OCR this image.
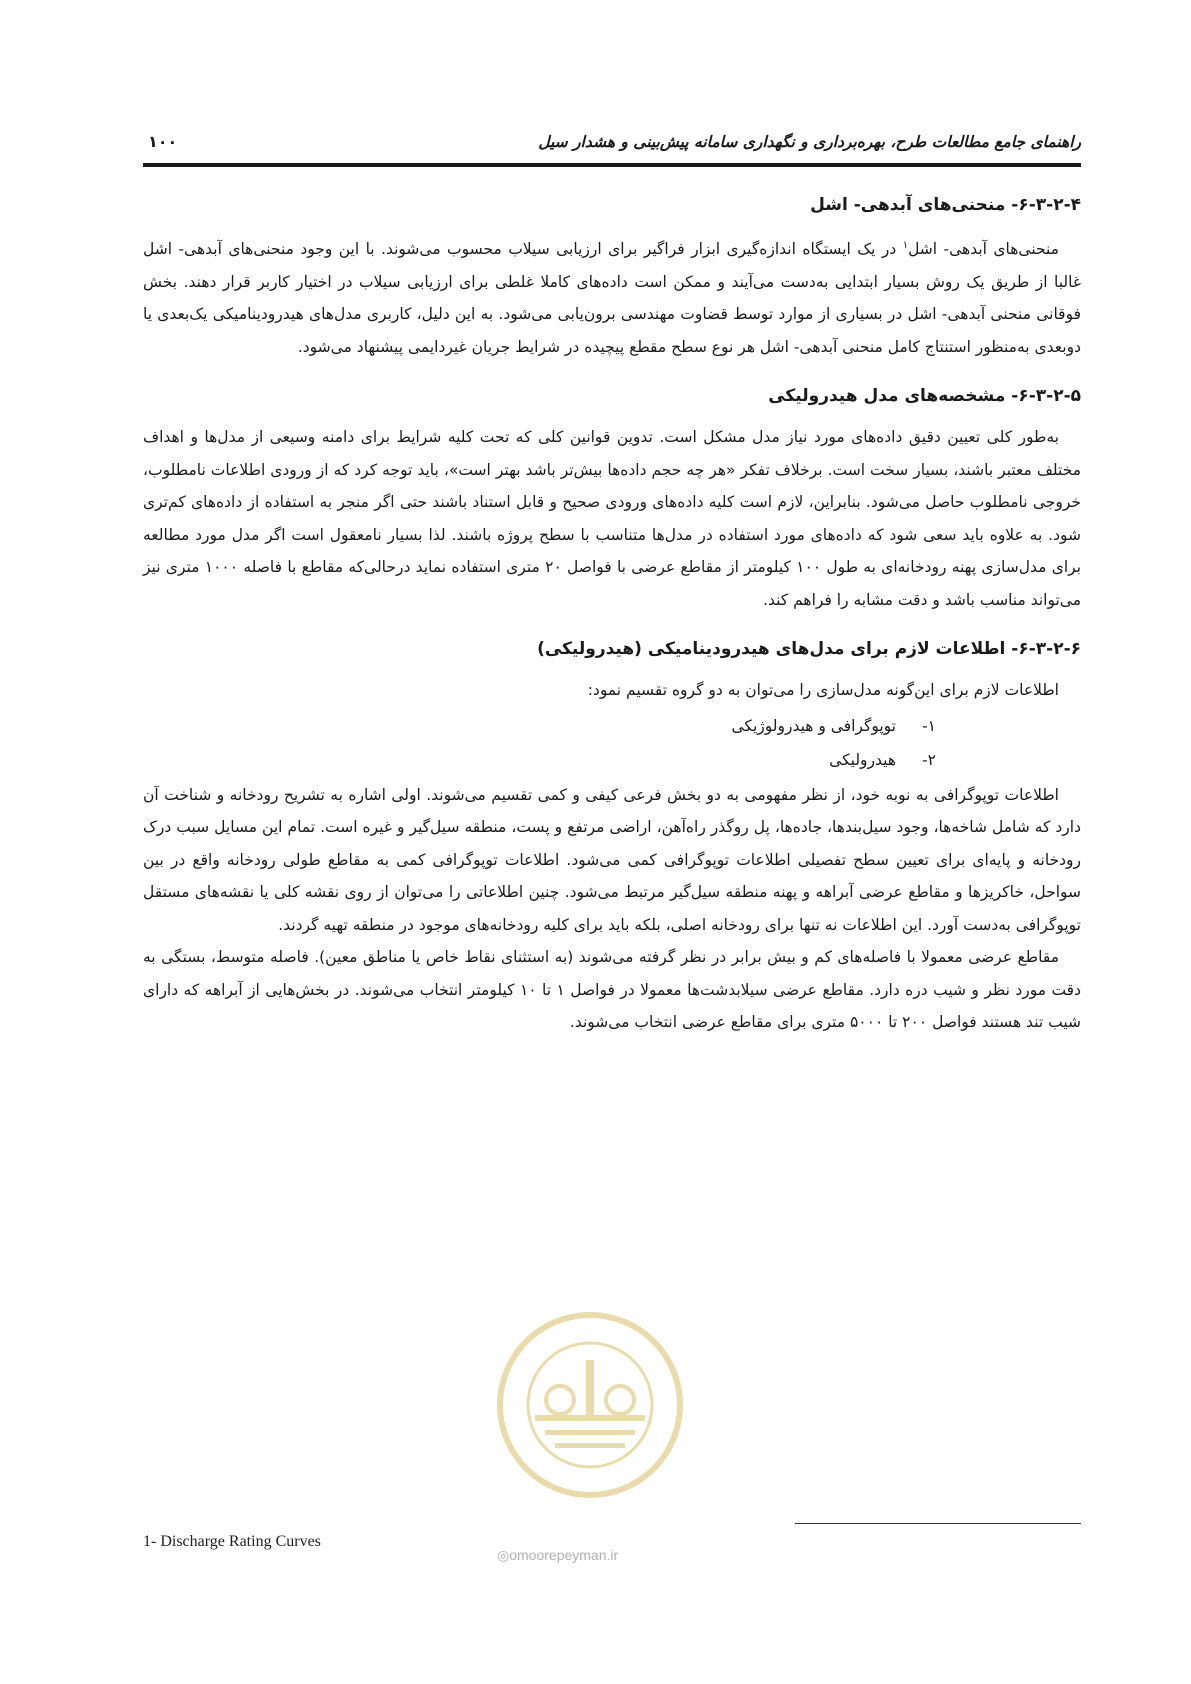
راهنمای جامع مطالعات طرح، بهره‌برداری و نگهداری سامانه پیش‌بینی و هشدار سیل
۱۰۰
۶-۳-۲-۴- منحنی‌های آبدهی- اشل

منحنی‌های آبدهی- اشل$^۱$ در یک ایستگاه اندازه‌گیری ابزار فراگیر برای ارزیابی سیلاب محسوب می‌شوند. با این وجود منحنی‌های آبدهی- اشل غالبا از طریق یک روش بسیار ابتدایی به‌دست می‌آیند و ممکن است داده‌های کاملا غلطی برای ارزیابی سیلاب در اختیار کاربر قرار دهند. بخش فوقانی منحنی آبدهی- اشل در بسیاری از موارد توسط قضاوت مهندسی برون‌یابی می‌شود. به این دلیل، کاربری مدل‌های هیدرودینامیکی یک‌بعدی یا دوبعدی به‌منظور استنتاج کامل منحنی آبدهی- اشل هر نوع سطح مقطع پیچیده در شرایط جریان غیردایمی پیشنهاد می‌شود.

۶-۳-۲-۵- مشخصه‌های مدل هیدرولیکی

به‌طور کلی تعیین دقیق داده‌های مورد نیاز مدل مشکل است. تدوین قوانین کلی که تحت کلیه شرایط برای دامنه وسیعی از مدل‌ها و اهداف مختلف معتبر باشند، بسیار سخت است. برخلاف تفکر «هر چه حجم داده‌ها بیش‌تر باشد بهتر است»، باید توجه کرد که از ورودی اطلاعات نامطلوب، خروجی نامطلوب حاصل می‌شود. بنابراین، لازم است کلیه داده‌های ورودی صحیح و قابل استناد باشند حتی اگر منجر به استفاده از داده‌های کم‌تری شود. به علاوه باید سعی شود که داده‌های مورد استفاده در مدل‌ها متناسب با سطح پروژه باشند. لذا بسیار نامعقول است اگر مدل مورد مطالعه برای مدل‌سازی پهنه رودخانه‌ای به طول ۱۰۰ کیلومتر از مقاطع عرضی با فواصل ۲۰ متری استفاده نماید درحالی‌که مقاطع با فاصله ۱۰۰۰ متری نیز می‌تواند مناسب باشد و دقت مشابه را فراهم کند.

۶-۳-۲-۶- اطلاعات لازم برای مدل‌های هیدرودینامیکی (هیدرولیکی)

اطلاعات لازم برای این‌گونه مدل‌سازی را می‌توان به دو گروه تقسیم نمود:

۱-توپوگرافی و هیدرولوژیکی
۲-هیدرولیکی

اطلاعات توپوگرافی به نوبه خود، از نظر مفهومی به دو بخش فرعی کیفی و کمی تقسیم می‌شوند. اولی اشاره به تشریح رودخانه و شناخت آن دارد که شامل شاخه‌ها، وجود سیل‌بندها، جاده‌ها، پل روگذر راه‌آهن، اراضی مرتفع و پست، منطقه سیل‌گیر و غیره است. تمام این مسایل سبب درک رودخانه و پایه‌ای برای تعیین سطح تفصیلی اطلاعات توپوگرافی کمی می‌شود. اطلاعات توپوگرافی کمی به مقاطع طولی رودخانه واقع در بین سواحل، خاکریزها و مقاطع عرضی آبراهه و پهنه منطقه سیل‌گیر مرتبط می‌شود. چنین اطلاعاتی را می‌توان از روی نقشه کلی یا نقشه‌های مستقل توپوگرافی به‌دست آورد. این اطلاعات نه تنها برای رودخانه اصلی، بلکه باید برای کلیه رودخانه‌های موجود در منطقه تهیه گردند.

مقاطع عرضی معمولا با فاصله‌های کم و بیش برابر در نظر گرفته می‌شوند (به استثنای نقاط خاص یا مناطق معین). فاصله متوسط، بستگی به دقت مورد نظر و شیب دره دارد. مقاطع عرضی سیلابدشت‌ها معمولا در فواصل ۱ تا ۱۰ کیلومتر انتخاب می‌شوند. در بخش‌هایی از آبراهه که دارای شیب تند هستند فواصل ۲۰۰ تا ۵۰۰۰ متری برای مقاطع عرضی انتخاب می‌شوند.

◎omoorepeyman.ir
1- Discharge Rating Curves
